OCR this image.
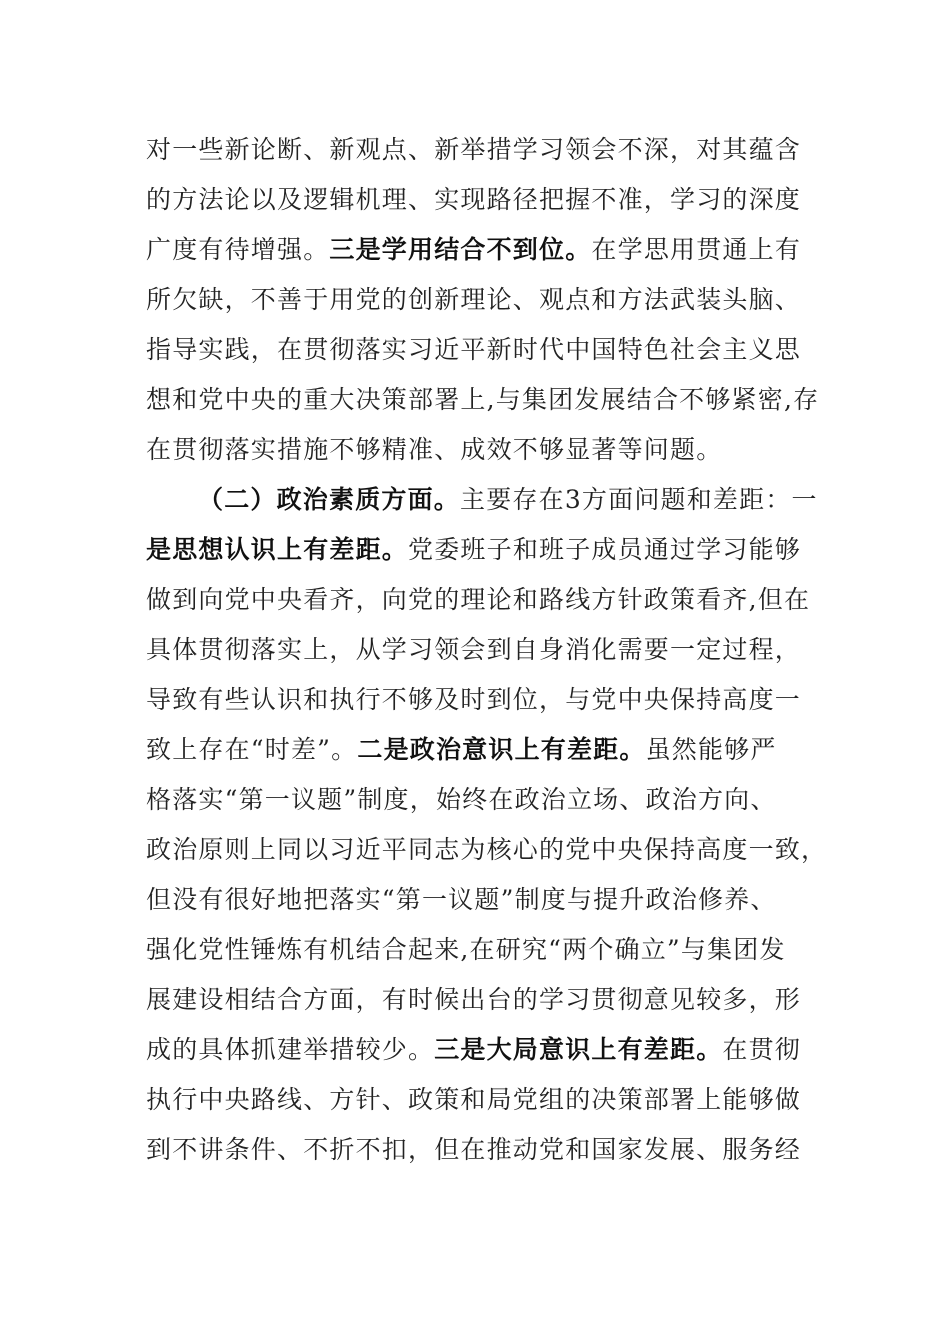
对一些新论断、新观点、新举措学习领会不深，对其蕴含
的方法论以及逻辑机理、实现路径把握不准，学习的深度
广度有待增强。三是学用结合不到位。在学思用贯通上有
所欠缺，不善于用党的创新理论、观点和方法武装头脑、
指导实践，在贯彻落实习近平新时代中国特色社会主义思
想和党中央的重大决策部署上,与集团发展结合不够紧密,存
在贯彻落实措施不够精准、成效不够显著等问题。
（二）政治素质方面。主要存在3方面问题和差距：一
是思想认识上有差距。党委班子和班子成员通过学习能够
做到向党中央看齐，向党的理论和路线方针政策看齐,但在
具体贯彻落实上，从学习领会到自身消化需要一定过程，
导致有些认识和执行不够及时到位，与党中央保持高度一
致上存在“时差”。二是政治意识上有差距。虽然能够严
格落实“第一议题”制度，始终在政治立场、政治方向、
政治原则上同以习近平同志为核心的党中央保持高度一致，
但没有很好地把落实“第一议题”制度与提升政治修养、
强化党性锤炼有机结合起来,在研究“两个确立”与集团发
展建设相结合方面，有时候出台的学习贯彻意见较多，形
成的具体抓建举措较少。三是大局意识上有差距。在贯彻
执行中央路线、方针、政策和局党组的决策部署上能够做
到不讲条件、不折不扣，但在推动党和国家发展、服务经
